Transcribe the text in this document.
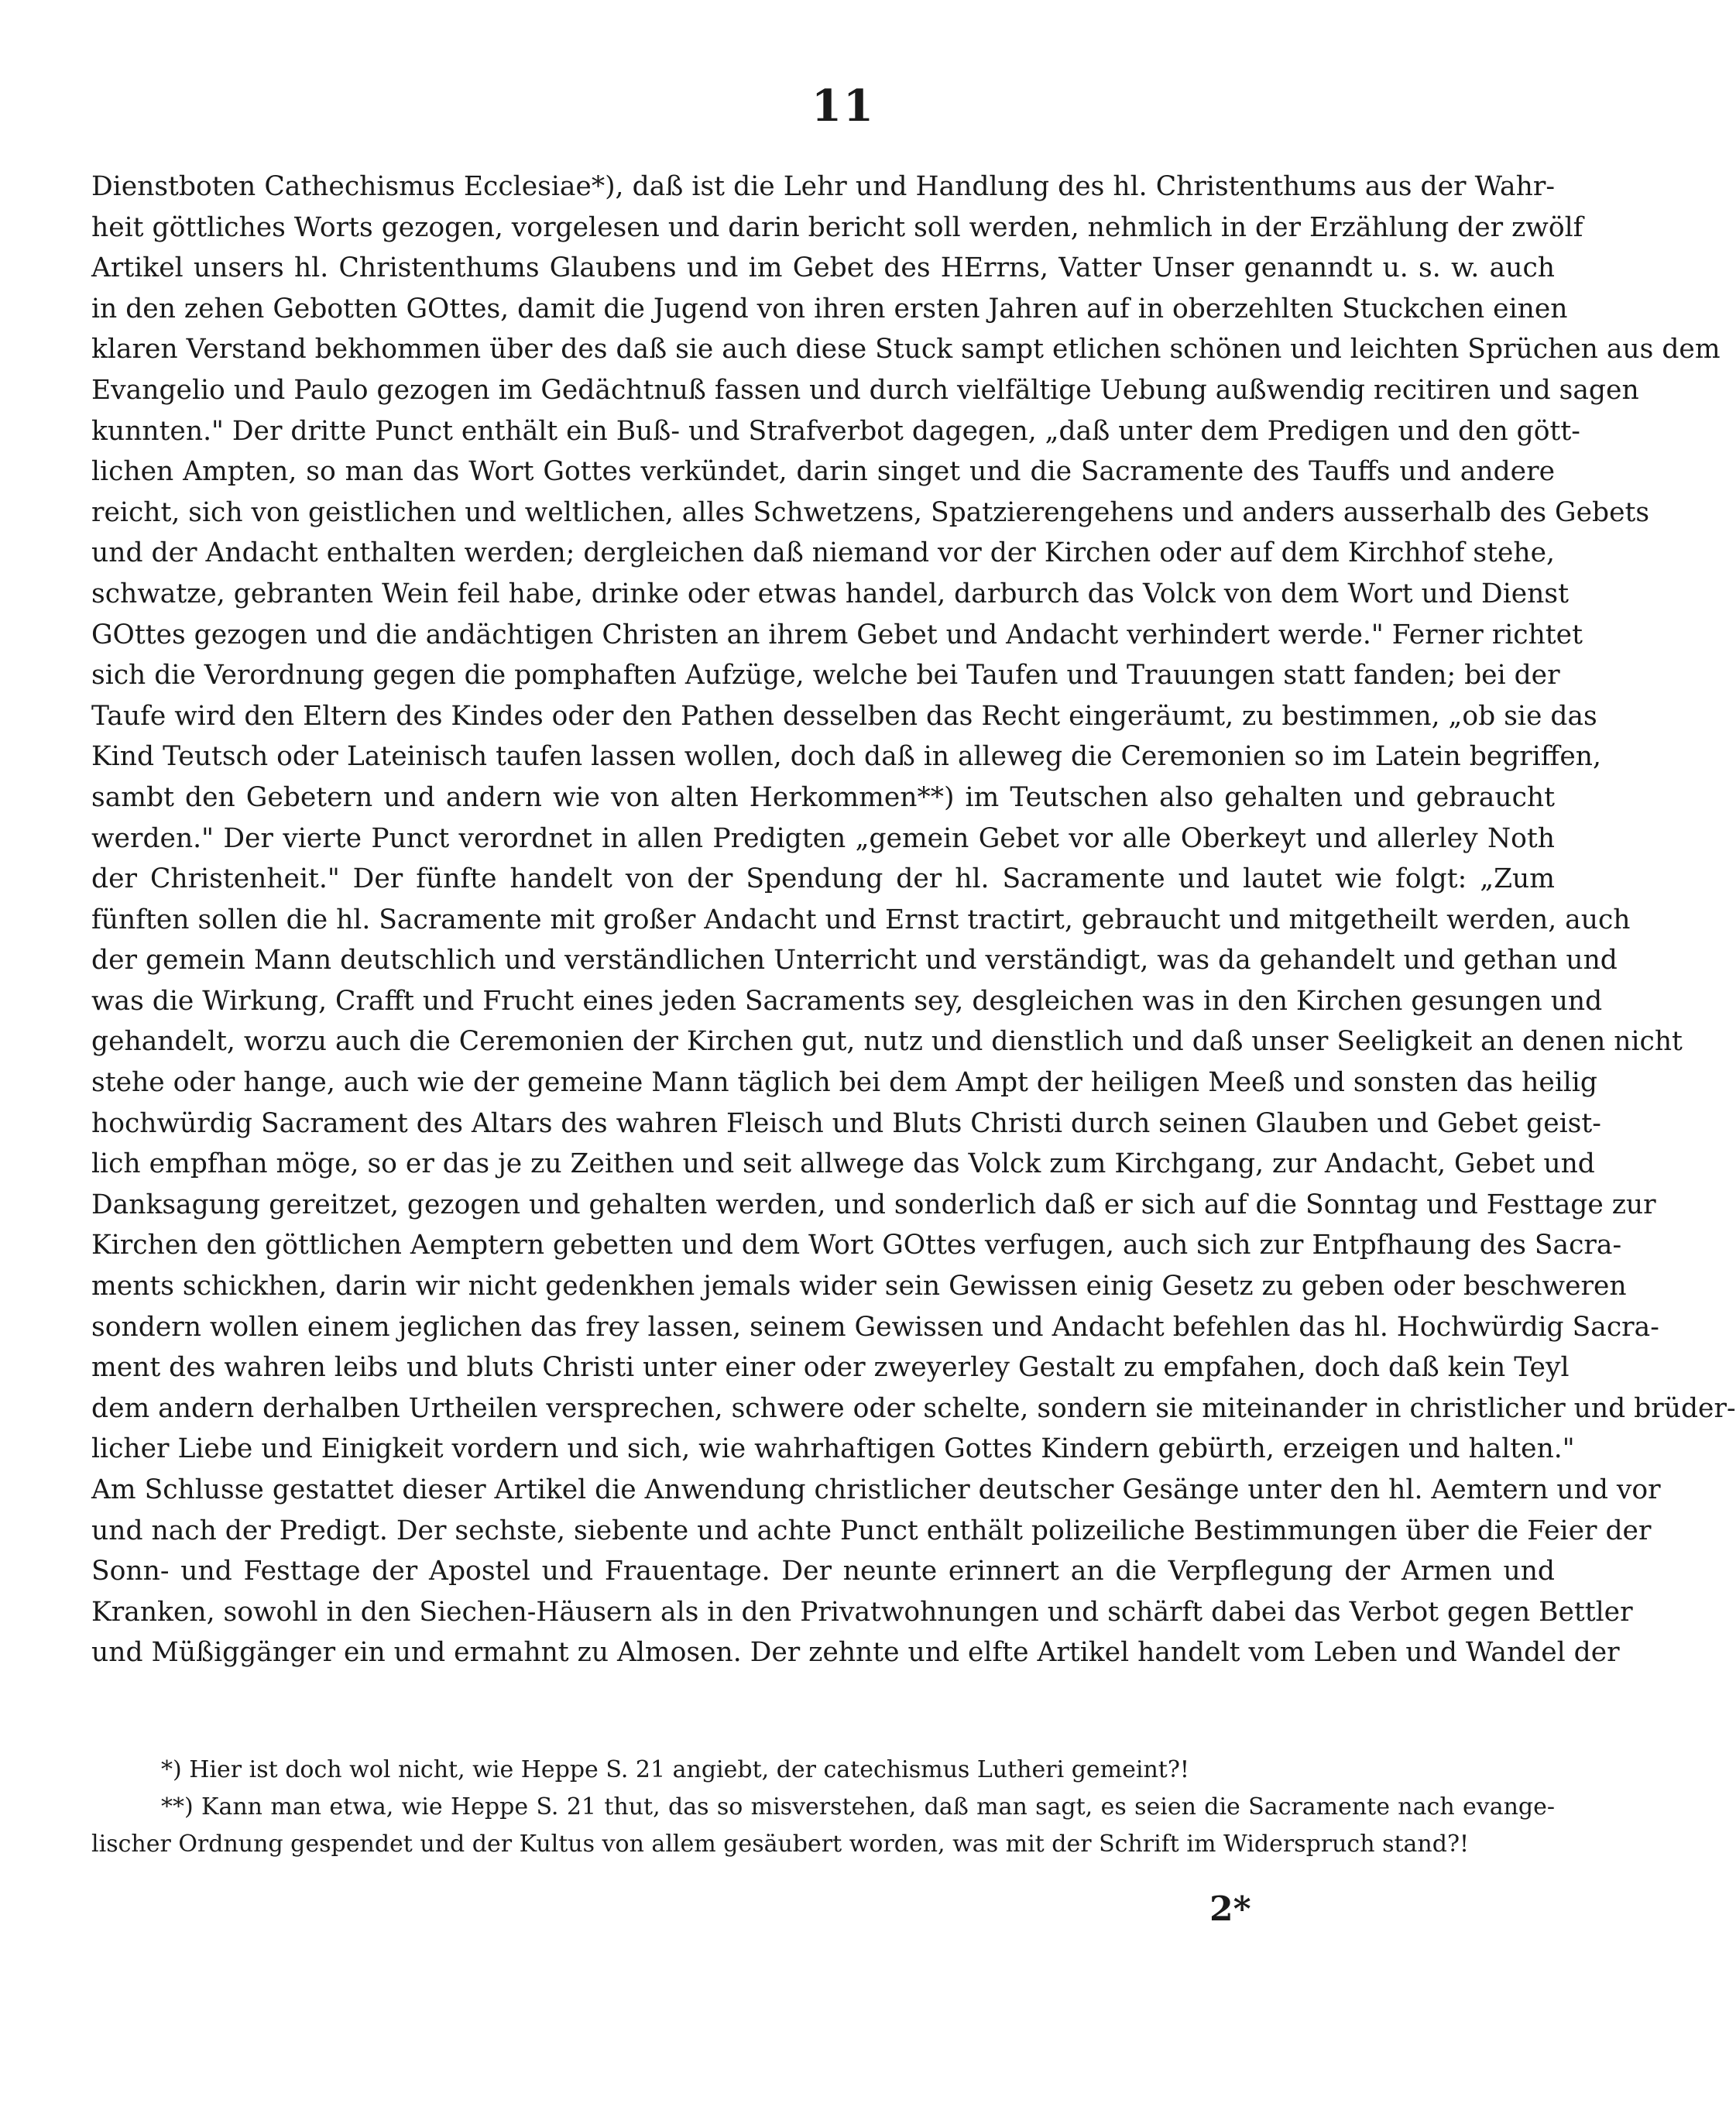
11
Dienstboten Cathechismus Ecclesiae*), daß ist die Lehr und Handlung des hl. Christenthums aus der Wahr-
heit göttliches Worts gezogen, vorgelesen und darin bericht soll werden, nehmlich in der Erzählung der zwölf
Artikel unsers hl. Christenthums Glaubens und im Gebet des HErrns, Vatter Unser genanndt u. s. w. auch
in den zehen Gebotten GOttes, damit die Jugend von ihren ersten Jahren auf in oberzehlten Stuckchen einen
klaren Verstand bekhommen über des daß sie auch diese Stuck sampt etlichen schönen und leichten Sprüchen aus dem
Evangelio und Paulo gezogen im Gedächtnuß fassen und durch vielfältige Uebung außwendig recitiren und sagen
kunnten." Der dritte Punct enthält ein Buß- und Strafverbot dagegen, „daß unter dem Predigen und den gött-
lichen Ampten, so man das Wort Gottes verkündet, darin singet und die Sacramente des Tauffs und andere
reicht, sich von geistlichen und weltlichen, alles Schwetzens, Spatzierengehens und anders ausserhalb des Gebets
und der Andacht enthalten werden; dergleichen daß niemand vor der Kirchen oder auf dem Kirchhof stehe,
schwatze, gebranten Wein feil habe, drinke oder etwas handel, darburch das Volck von dem Wort und Dienst
GOttes gezogen und die andächtigen Christen an ihrem Gebet und Andacht verhindert werde." Ferner richtet
sich die Verordnung gegen die pomphaften Aufzüge, welche bei Taufen und Trauungen statt fanden; bei der
Taufe wird den Eltern des Kindes oder den Pathen desselben das Recht eingeräumt, zu bestimmen, „ob sie das
Kind Teutsch oder Lateinisch taufen lassen wollen, doch daß in alleweg die Ceremonien so im Latein begriffen,
sambt den Gebetern und andern wie von alten Herkommen**) im Teutschen also gehalten und gebraucht
werden." Der vierte Punct verordnet in allen Predigten „gemein Gebet vor alle Oberkeyt und allerley Noth
der Christenheit." Der fünfte handelt von der Spendung der hl. Sacramente und lautet wie folgt: „Zum
fünften sollen die hl. Sacramente mit großer Andacht und Ernst tractirt, gebraucht und mitgetheilt werden, auch
der gemein Mann deutschlich und verständlichen Unterricht und verständigt, was da gehandelt und gethan und
was die Wirkung, Crafft und Frucht eines jeden Sacraments sey, desgleichen was in den Kirchen gesungen und
gehandelt, worzu auch die Ceremonien der Kirchen gut, nutz und dienstlich und daß unser Seeligkeit an denen nicht
stehe oder hange, auch wie der gemeine Mann täglich bei dem Ampt der heiligen Meeß und sonsten das heilig
hochwürdig Sacrament des Altars des wahren Fleisch und Bluts Christi durch seinen Glauben und Gebet geist-
lich empfhan möge, so er das je zu Zeithen und seit allwege das Volck zum Kirchgang, zur Andacht, Gebet und
Danksagung gereitzet, gezogen und gehalten werden, und sonderlich daß er sich auf die Sonntag und Festtage zur
Kirchen den göttlichen Aemptern gebetten und dem Wort GOttes verfugen, auch sich zur Entpfhaung des Sacra-
ments schickhen, darin wir nicht gedenkhen jemals wider sein Gewissen einig Gesetz zu geben oder beschweren
sondern wollen einem jeglichen das frey lassen, seinem Gewissen und Andacht befehlen das hl. Hochwürdig Sacra-
ment des wahren leibs und bluts Christi unter einer oder zweyerley Gestalt zu empfahen, doch daß kein Teyl
dem andern derhalben Urtheilen versprechen, schwere oder schelte, sondern sie miteinander in christlicher und brüder-
licher Liebe und Einigkeit vordern und sich, wie wahrhaftigen Gottes Kindern gebürth, erzeigen und halten."
Am Schlusse gestattet dieser Artikel die Anwendung christlicher deutscher Gesänge unter den hl. Aemtern und vor
und nach der Predigt. Der sechste, siebente und achte Punct enthält polizeiliche Bestimmungen über die Feier der
Sonn- und Festtage der Apostel und Frauentage. Der neunte erinnert an die Verpflegung der Armen und
Kranken, sowohl in den Siechen-Häusern als in den Privatwohnungen und schärft dabei das Verbot gegen Bettler
und Müßiggänger ein und ermahnt zu Almosen. Der zehnte und elfte Artikel handelt vom Leben und Wandel der
*) Hier ist doch wol nicht, wie Heppe S. 21 angiebt, der catechismus Lutheri gemeint?!
**) Kann man etwa, wie Heppe S. 21 thut, das so misverstehen, daß man sagt, es seien die Sacramente nach evange-
lischer Ordnung gespendet und der Kultus von allem gesäubert worden, was mit der Schrift im Widerspruch stand?!
2*
